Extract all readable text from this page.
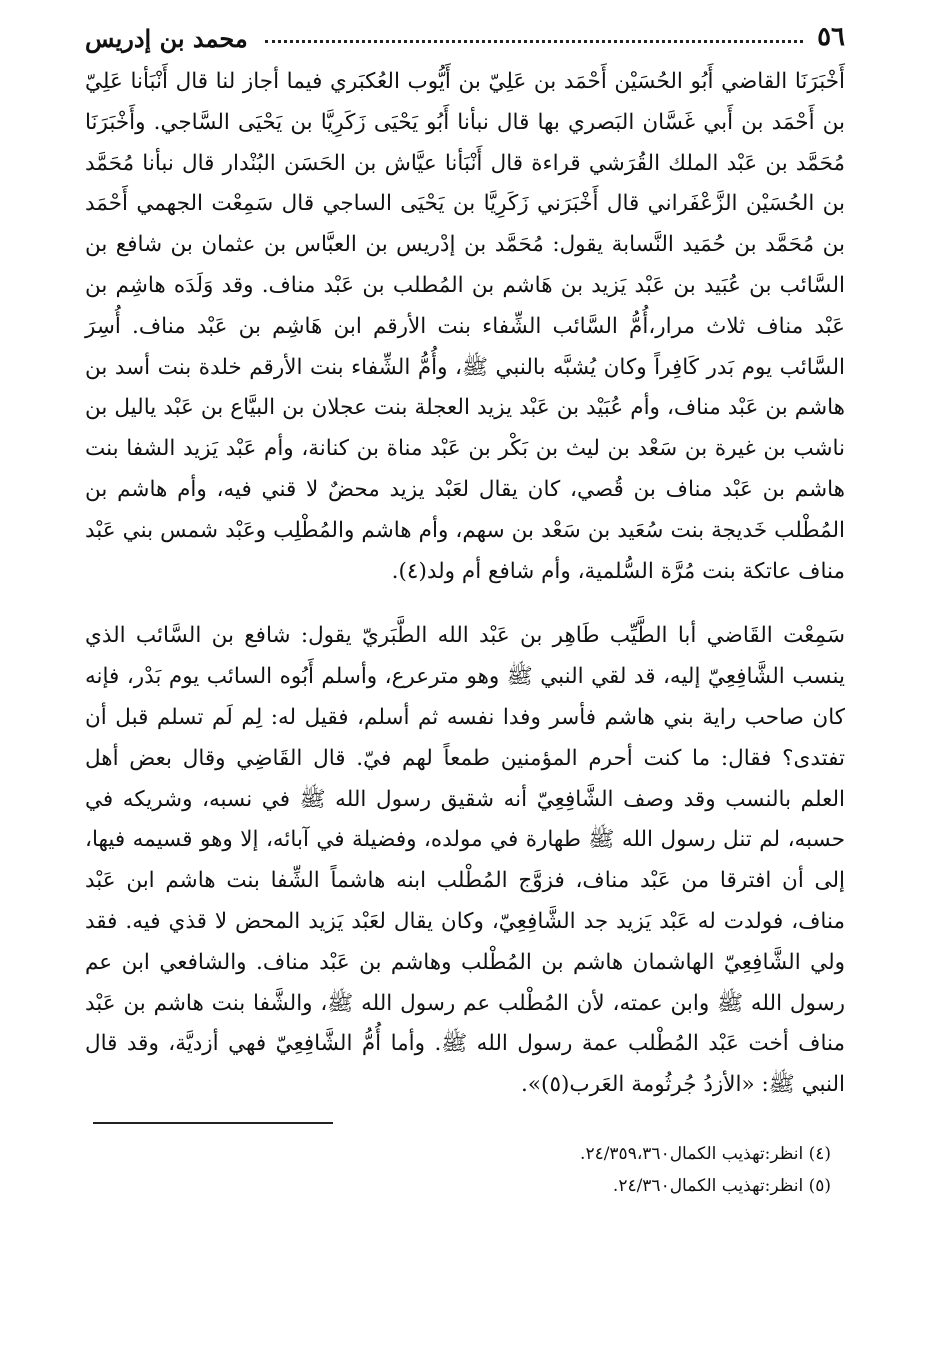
٥٦
محمد بن إدريس

أَخْبَرَنَا القاضي أَبُو الحُسَيْن أَحْمَد بن عَلِيّ بن أَيُّوب العُكبَري فيما أجاز لنا قال أَنْبَأنا عَلِيّ بن أَحْمَد بن أَبي غَسَّان البَصري بها قال نبأنا أَبُو يَحْيَى زَكَرِيَّا بن يَحْيَى السَّاجي. وأَخْبَرَنَا مُحَمَّد بن عَبْد الملك القُرَشي قراءة قال أَنْبَأنا عيَّاش بن الحَسَن البُنْدار قال نبأنا مُحَمَّد بن الحُسَيْن الزَّعْفَراني قال أَخْبَرَني زَكَرِيَّا بن يَحْيَى الساجي قال سَمِعْت الجهمي أَحْمَد بن مُحَمَّد بن حُمَيد النَّسابة يقول: مُحَمَّد بن إدْريس بن العبَّاس بن عثمان بن شافع بن السَّائب بن عُبَيد بن عَبْد يَزيد بن هَاشم بن المُطلب بن عَبْد مناف. وقد وَلَدَه هاشِم بن عَبْد مناف ثلاث مرار،أُمُّ السَّائب الشِّفاء بنت الأرقم ابن هَاشِم بن عَبْد مناف. أُسِرَ السَّائب يوم بَدر كَافِراً وكان يُشبَّه بالنبي ﷺ، وأُمُّ الشِّفاء بنت الأرقم خلدة بنت أسد بن هاشم بن عَبْد مناف، وأم عُبَيْد بن عَبْد يزيد العجلة بنت عجلان بن البيَّاع بن عَبْد ياليل بن ناشب بن غيرة بن سَعْد بن ليث بن بَكْر بن عَبْد مناة بن كنانة، وأم عَبْد يَزيد الشفا بنت هاشم بن عَبْد مناف بن قُصي، كان يقال لعَبْد يزيد محضٌ لا قني فيه، وأم هاشم بن المُطْلب خَديجة بنت سُعَيد بن سَعْد بن سهم، وأم هاشم والمُطْلِب وعَبْد شمس بني عَبْد مناف عاتكة بنت مُرَّة السُّلمية، وأم شافع أم ولد(٤).

سَمِعْت القَاضي أبا الطَّيِّب طَاهِر بن عَبْد الله الطَّبَريّ يقول: شافع بن السَّائب الذي ينسب الشَّافِعِيّ إليه، قد لقي النبي ﷺ وهو مترعرع، وأسلم أَبُوه السائب يوم بَدْر، فإنه كان صاحب راية بني هاشم فأسر وفدا نفسه ثم أسلم، فقيل له: لِم لَم تسلم قبل أن تفتدى؟ فقال: ما كنت أحرم المؤمنين طمعاً لهم فيّ. قال القَاضِي وقال بعض أهل العلم بالنسب وقد وصف الشَّافِعِيّ أنه شقيق رسول الله ﷺ في نسبه، وشريكه في حسبه، لم تنل رسول الله ﷺ طهارة في مولده، وفضيلة في آبائه، إلا وهو قسيمه فيها، إلى أن افترقا من عَبْد مناف، فزوَّج المُطْلب ابنه هاشماً الشِّفا بنت هاشم ابن عَبْد مناف، فولدت له عَبْد يَزيد جد الشَّافِعِيّ، وكان يقال لعَبْد يَزيد المحض لا قذي فيه. فقد ولي الشَّافِعِيّ الهاشمان هاشم بن المُطْلب وهاشم بن عَبْد مناف. والشافعي ابن عم رسول الله ﷺ وابن عمته، لأن المُطْلب عم رسول الله ﷺ، والشَّفا بنت هاشم بن عَبْد مناف أخت عَبْد المُطْلب عمة رسول الله ﷺ. وأما أُمُّ الشَّافِعِيّ فهي أزديَّة، وقد قال النبي ﷺ: «الأزدُ جُرثُومة العَرب(٥)».

(٤) انظر:تهذيب الكمال٢٤/٣٥٩،٣٦٠.
(٥) انظر:تهذيب الكمال٢٤/٣٦٠.
